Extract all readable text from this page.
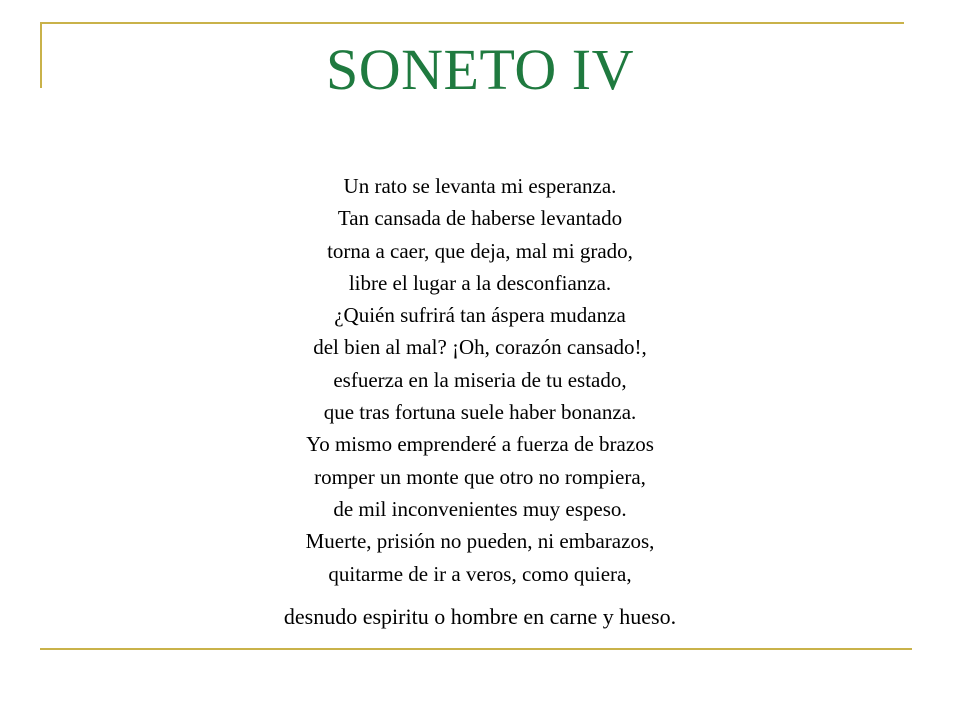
SONETO IV
Un rato se levanta mi esperanza.
Tan cansada de haberse levantado
torna a caer, que deja, mal mi grado,
libre el lugar a la desconfianza.
¿Quién sufrirá tan áspera mudanza
del bien al mal? ¡Oh, corazón cansado!,
esfuerza en la miseria de tu estado,
que tras fortuna suele haber bonanza.
Yo mismo emprenderé a fuerza de brazos
romper un monte que otro no rompiera,
de mil inconvenientes muy espeso.
Muerte, prisión no pueden, ni embarazos,
quitarme de ir a veros, como quiera,
desnudo espiritu o hombre en carne y hueso.
